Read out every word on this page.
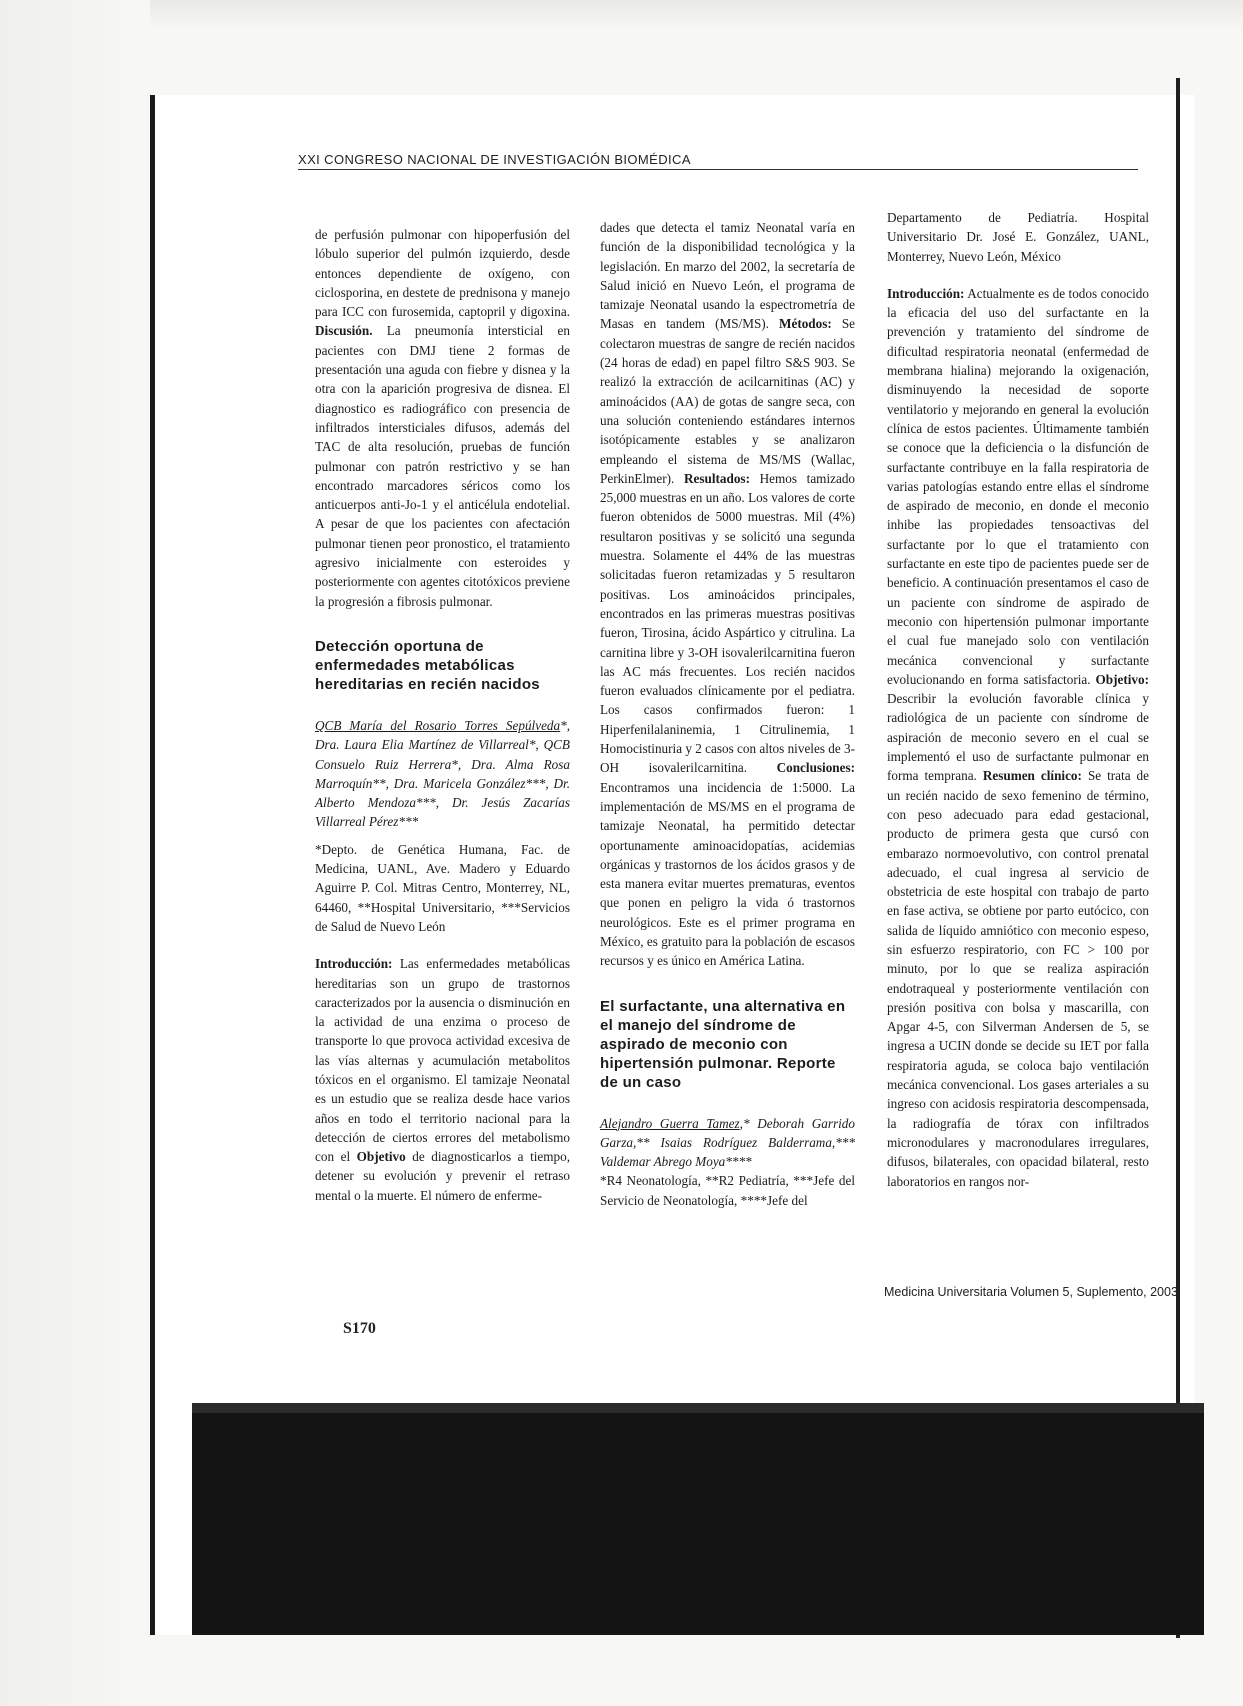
XXI CONGRESO NACIONAL DE INVESTIGACIÓN BIOMÉDICA

de perfusión pulmonar con hipoperfusión del lóbulo superior del pulmón izquierdo, desde entonces dependiente de oxígeno, con ciclosporina, en destete de prednisona y manejo para ICC con furosemida, captopril y digoxina. Discusión. La pneumonía intersticial en pacientes con DMJ tiene 2 formas de presentación una aguda con fiebre y disnea y la otra con la aparición progresiva de disnea. El diagnostico es radiográfico con presencia de infiltrados intersticiales difusos, además del TAC de alta resolución, pruebas de función pulmonar con patrón restrictivo y se han encontrado marcadores séricos como los anticuerpos anti-Jo-1 y el anticélula endotelial. A pesar de que los pacientes con afectación pulmonar tienen peor pronostico, el tratamiento agresivo inicialmente con esteroides y posteriormente con agentes citotóxicos previene la progresión a fibrosis pulmonar.

Detección oportuna de enfermedades metabólicas hereditarias en recién nacidos

QCB María del Rosario Torres Sepúlveda*, Dra. Laura Elia Martínez de Villarreal*, QCB Consuelo Ruiz Herrera*, Dra. Alma Rosa Marroquín**, Dra. Maricela González***, Dr. Alberto Mendoza***, Dr. Jesús Zacarías Villarreal Pérez***

*Depto. de Genética Humana, Fac. de Medicina, UANL, Ave. Madero y Eduardo Aguirre P. Col. Mitras Centro, Monterrey, NL, 64460, **Hospital Universitario, ***Servicios de Salud de Nuevo León

Introducción: Las enfermedades metabólicas hereditarias son un grupo de trastornos caracterizados por la ausencia o disminución en la actividad de una enzima o proceso de transporte lo que provoca actividad excesiva de las vías alternas y acumulación metabolitos tóxicos en el organismo. El tamizaje Neonatal es un estudio que se realiza desde hace varios años en todo el territorio nacional para la detección de ciertos errores del metabolismo con el Objetivo de diagnosticarlos a tiempo, detener su evolución y prevenir el retraso mental o la muerte. El número de enferme-

dades que detecta el tamiz Neonatal varía en función de la disponibilidad tecnológica y la legislación. En marzo del 2002, la secretaría de Salud inició en Nuevo León, el programa de tamizaje Neonatal usando la espectrometría de Masas en tandem (MS/MS). Métodos: Se colectaron muestras de sangre de recién nacidos (24 horas de edad) en papel filtro S&S 903. Se realizó la extracción de acilcarnitinas (AC) y aminoácidos (AA) de gotas de sangre seca, con una solución conteniendo estándares internos isotópicamente estables y se analizaron empleando el sistema de MS/MS (Wallac, PerkinElmer). Resultados: Hemos tamizado 25,000 muestras en un año. Los valores de corte fueron obtenidos de 5000 muestras. Mil (4%) resultaron positivas y se solicitó una segunda muestra. Solamente el 44% de las muestras solicitadas fueron retamizadas y 5 resultaron positivas. Los aminoácidos principales, encontrados en las primeras muestras positivas fueron, Tirosina, ácido Aspártico y citrulina. La carnitina libre y 3-OH isovalerilcarnitina fueron las AC más frecuentes. Los recién nacidos fueron evaluados clínicamente por el pediatra. Los casos confirmados fueron: 1 Hiperfenilalaninemia, 1 Citrulinemia, 1 Homocistinuria y 2 casos con altos niveles de 3-OH isovalerilcarnitina. Conclusiones: Encontramos una incidencia de 1:5000. La implementación de MS/MS en el programa de tamizaje Neonatal, ha permitido detectar oportunamente aminoacidopatías, acidemias orgánicas y trastornos de los ácidos grasos y de esta manera evitar muertes prematuras, eventos que ponen en peligro la vida ó trastornos neurológicos. Este es el primer programa en México, es gratuito para la población de escasos recursos y es único en América Latina.

El surfactante, una alternativa en el manejo del síndrome de aspirado de meconio con hipertensión pulmonar. Reporte de un caso

Alejandro Guerra Tamez,* Deborah Garrido Garza,** Isaias Rodríguez Balderrama,*** Valdemar Abrego Moya****

*R4 Neonatología, **R2 Pediatría, ***Jefe del Servicio de Neonatología, ****Jefe del

Departamento de Pediatría. Hospital Universitario Dr. José E. González, UANL, Monterrey, Nuevo León, México

Introducción: Actualmente es de todos conocido la eficacia del uso del surfactante en la prevención y tratamiento del síndrome de dificultad respiratoria neonatal (enfermedad de membrana hialina) mejorando la oxigenación, disminuyendo la necesidad de soporte ventilatorio y mejorando en general la evolución clínica de estos pacientes. Últimamente también se conoce que la deficiencia o la disfunción de surfactante contribuye en la falla respiratoria de varias patologías estando entre ellas el síndrome de aspirado de meconio, en donde el meconio inhibe las propiedades tensoactivas del surfactante por lo que el tratamiento con surfactante en este tipo de pacientes puede ser de beneficio. A continuación presentamos el caso de un paciente con síndrome de aspirado de meconio con hipertensión pulmonar importante el cual fue manejado solo con ventilación mecánica convencional y surfactante evolucionando en forma satisfactoria. Objetivo: Describir la evolución favorable clínica y radiológica de un paciente con síndrome de aspiración de meconio severo en el cual se implementó el uso de surfactante pulmonar en forma temprana. Resumen clínico: Se trata de un recién nacido de sexo femenino de término, con peso adecuado para edad gestacional, producto de primera gesta que cursó con embarazo normoevolutivo, con control prenatal adecuado, el cual ingresa al servicio de obstetricia de este hospital con trabajo de parto en fase activa, se obtiene por parto eutócico, con salida de líquido amniótico con meconio espeso, sin esfuerzo respiratorio, con FC > 100 por minuto, por lo que se realiza aspiración endotraqueal y posteriormente ventilación con presión positiva con bolsa y mascarilla, con Apgar 4-5, con Silverman Andersen de 5, se ingresa a UCIN donde se decide su IET por falla respiratoria aguda, se coloca bajo ventilación mecánica convencional. Los gases arteriales a su ingreso con acidosis respiratoria descompensada, la radiografía de tórax con infiltrados micronodulares y macronodulares irregulares, difusos, bilaterales, con opacidad bilateral, resto laboratorios en rangos nor-

Medicina Universitaria Volumen 5, Suplemento, 2003
S170
